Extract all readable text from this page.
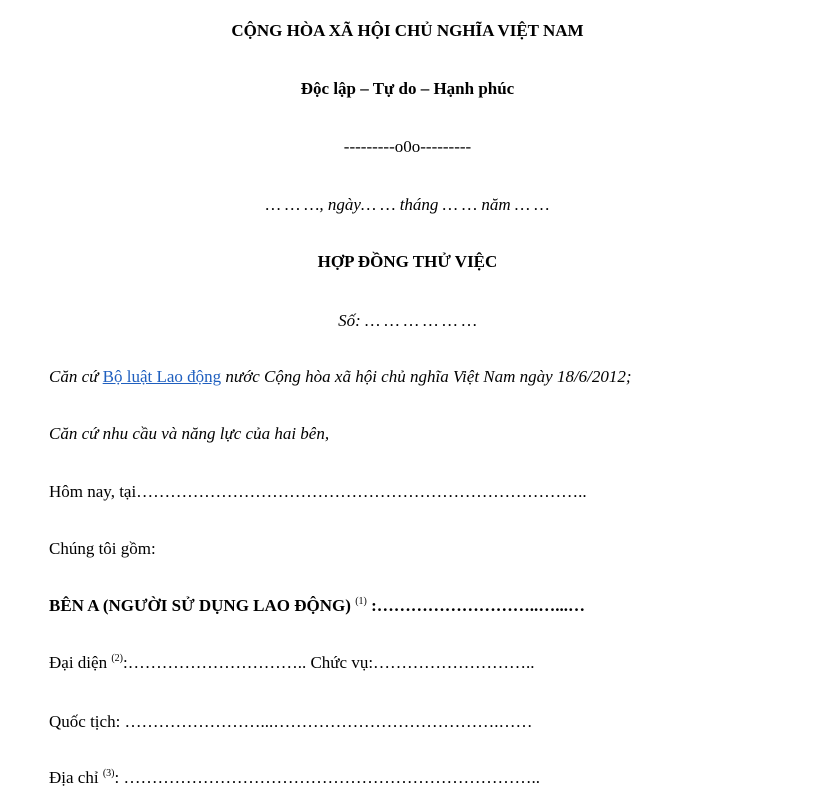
CỘNG HÒA XÃ HỘI CHỦ NGHĨA VIỆT NAM
Độc lập – Tự do – Hạnh phúc
---------o0o---------
… … …, ngày… … tháng … … năm … …
HỢP ĐỒNG THỬ VIỆC
Số: … … … … … …
Căn cứ Bộ luật Lao động nước Cộng hòa xã hội chủ nghĩa Việt Nam ngày 18/6/2012;
Căn cứ nhu cầu và năng lực của hai bên,
Hôm nay, tại……………………………………………………………………..
Chúng tôi gồm:
BÊN A (NGƯỜI SỬ DỤNG LAO ĐỘNG) $^{(1)}$ :………………………..…...…
Đại diện $^{(2)}$:………………………….. Chức vụ:………………………..
Quốc tịch: ……………………...………………………………….……
Địa chỉ $^{(3)}$: ………………………………………………………………..
